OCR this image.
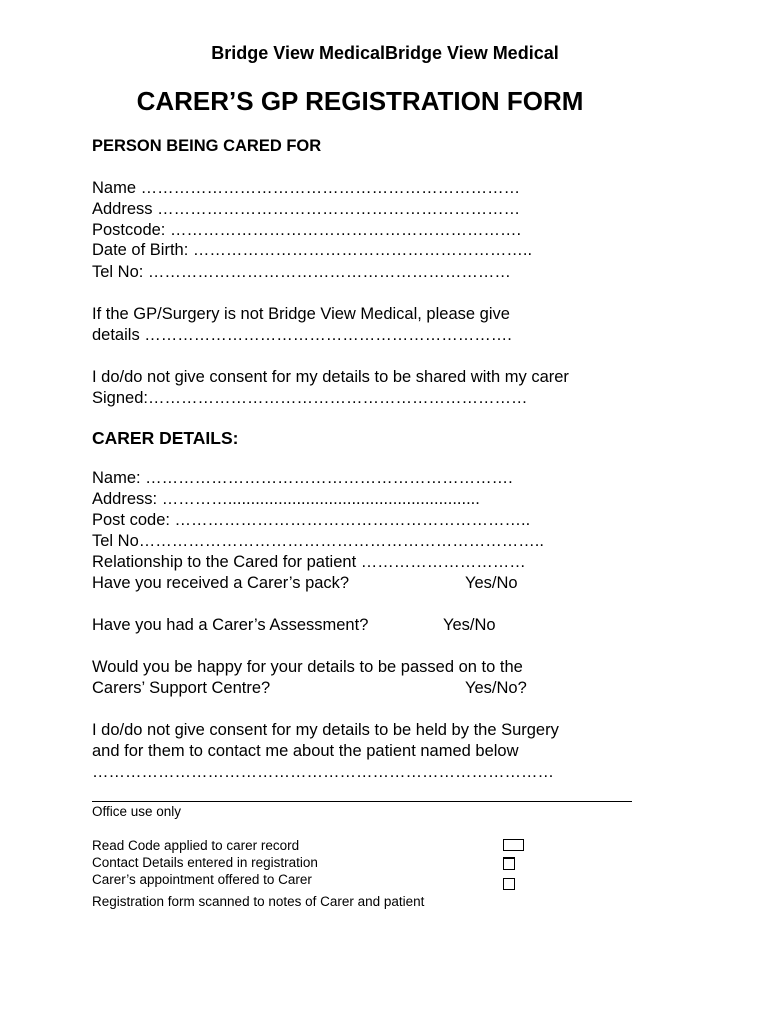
Bridge View MedicalBridge View Medical
CARER’S GP REGISTRATION FORM
PERSON BEING CARED FOR
Name ……………………………………………………………
Address …………………………………………………………
Postcode: ……………………………………………………….
Date of Birth: ……………………………………………………..
Tel No: …………………………………………………………
If the GP/Surgery is not Bridge View Medical, please give
details ………………………………………………………….
I do/do not give consent for my details to be shared with my carer
Signed:……………………………………………………………
CARER DETAILS:
Name: ………………………………………………………….
Address: ………….......................................................
Post code: ………………………………………………………..
Tel No………………………………………………………………..
Relationship to the Cared for patient …………………………
Have you received a Carer’s pack?	Yes/No
Have you had a Carer’s Assessment?	Yes/No
Would you be happy for your details to be passed on to the
Carers’ Support Centre?	Yes/No?
I do/do not give consent for my details to be held by the Surgery
and for them to contact me about the patient named below
…………………………………………………………………………
Office use only
Read Code applied to carer record
Contact Details entered in registration
Carer’s appointment offered to Carer
Registration form scanned to notes of Carer and patient
